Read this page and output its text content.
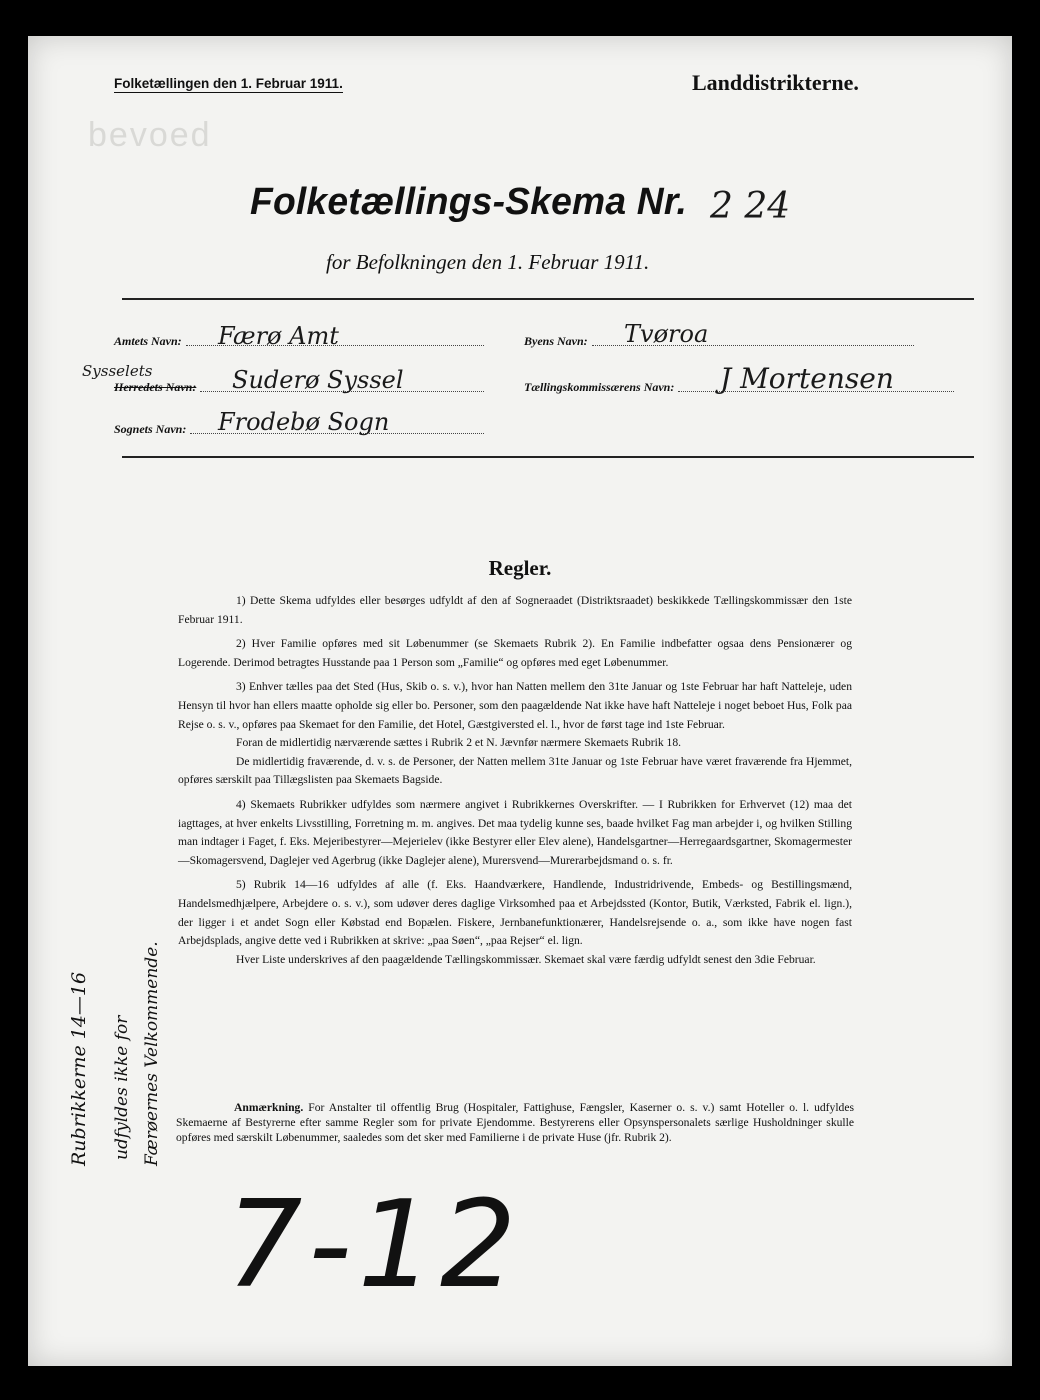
bevoed
Folketællingen den 1. Februar 1911.	Landdistrikterne.
Folketællings-Skema Nr. 2 24
for Befolkningen den 1. Februar 1911.
Amtets Navn: Færø Amt
Sysselets
Herredets Navn: Suderø Syssel
Sognets Navn: Frodebø Sogn
Byens Navn: Tvøroa
Tællingskommissærens Navn: J Mortensen
Regler.

1) Dette Skema udfyldes eller besørges udfyldt af den af Sogneraadet (Distriktsraadet) beskikkede Tællingskommissær den 1ste Februar 1911.

2) Hver Familie opføres med sit Løbenummer (se Skemaets Rubrik 2). En Familie indbefatter ogsaa dens Pensionærer og Logerende. Derimod betragtes Husstande paa 1 Person som „Familie“ og opføres med eget Løbenummer.

3) Enhver tælles paa det Sted (Hus, Skib o. s. v.), hvor han Natten mellem den 31te Januar og 1ste Februar har haft Natteleje, uden Hensyn til hvor han ellers maatte opholde sig eller bo. Personer, som den paagældende Nat ikke have haft Natteleje i noget beboet Hus, Folk paa Rejse o. s. v., opføres paa Skemaet for den Familie, det Hotel, Gæstgiversted el. l., hvor de først tage ind 1ste Februar.

Foran de midlertidig nærværende sættes i Rubrik 2 et N. Jævnfør nærmere Skemaets Rubrik 18.

De midlertidig fraværende, d. v. s. de Personer, der Natten mellem 31te Januar og 1ste Februar have været fraværende fra Hjemmet, opføres særskilt paa Tillægslisten paa Skemaets Bagside.

4) Skemaets Rubrikker udfyldes som nærmere angivet i Rubrikkernes Overskrifter. — I Rubrikken for Erhvervet (12) maa det iagttages, at hver enkelts Livsstilling, Forretning m. m. angives. Det maa tydelig kunne ses, baade hvilket Fag man arbejder i, og hvilken Stilling man indtager i Faget, f. Eks. Mejeribestyrer—Mejerielev (ikke Bestyrer eller Elev alene), Handelsgartner—Herregaardsgartner, Skomagermester—Skomagersvend, Daglejer ved Agerbrug (ikke Daglejer alene), Murersvend—Murerarbejdsmand o. s. fr.

5) Rubrik 14—16 udfyldes af alle (f. Eks. Haandværkere, Handlende, Industridrivende, Embeds- og Bestillingsmænd, Handelsmedhjælpere, Arbejdere o. s. v.), som udøver deres daglige Virksomhed paa et Arbejdssted (Kontor, Butik, Værksted, Fabrik el. lign.), der ligger i et andet Sogn eller Købstad end Bopælen. Fiskere, Jernbanefunktionærer, Handelsrejsende o. a., som ikke have nogen fast Arbejdsplads, angive dette ved i Rubrikken at skrive: „paa Søen“, „paa Rejser“ el. lign.

Hver Liste underskrives af den paagældende Tællingskommissær. Skemaet skal være færdig udfyldt senest den 3die Februar.

Anmærkning. For Anstalter til offentlig Brug (Hospitaler, Fattighuse, Fængsler, Kaserner o. s. v.) samt Hoteller o. l. udfyldes Skemaerne af Bestyrerne efter samme Regler som for private Ejendomme. Bestyrerens eller Opsynspersonalets særlige Husholdninger skulle opføres med særskilt Løbenummer, saaledes som det sker med Familierne i de private Huse (jfr. Rubrik 2).
Rubrikkerne 14—16 udfyldes ikke for Færøernes Velkommende.
7-12
